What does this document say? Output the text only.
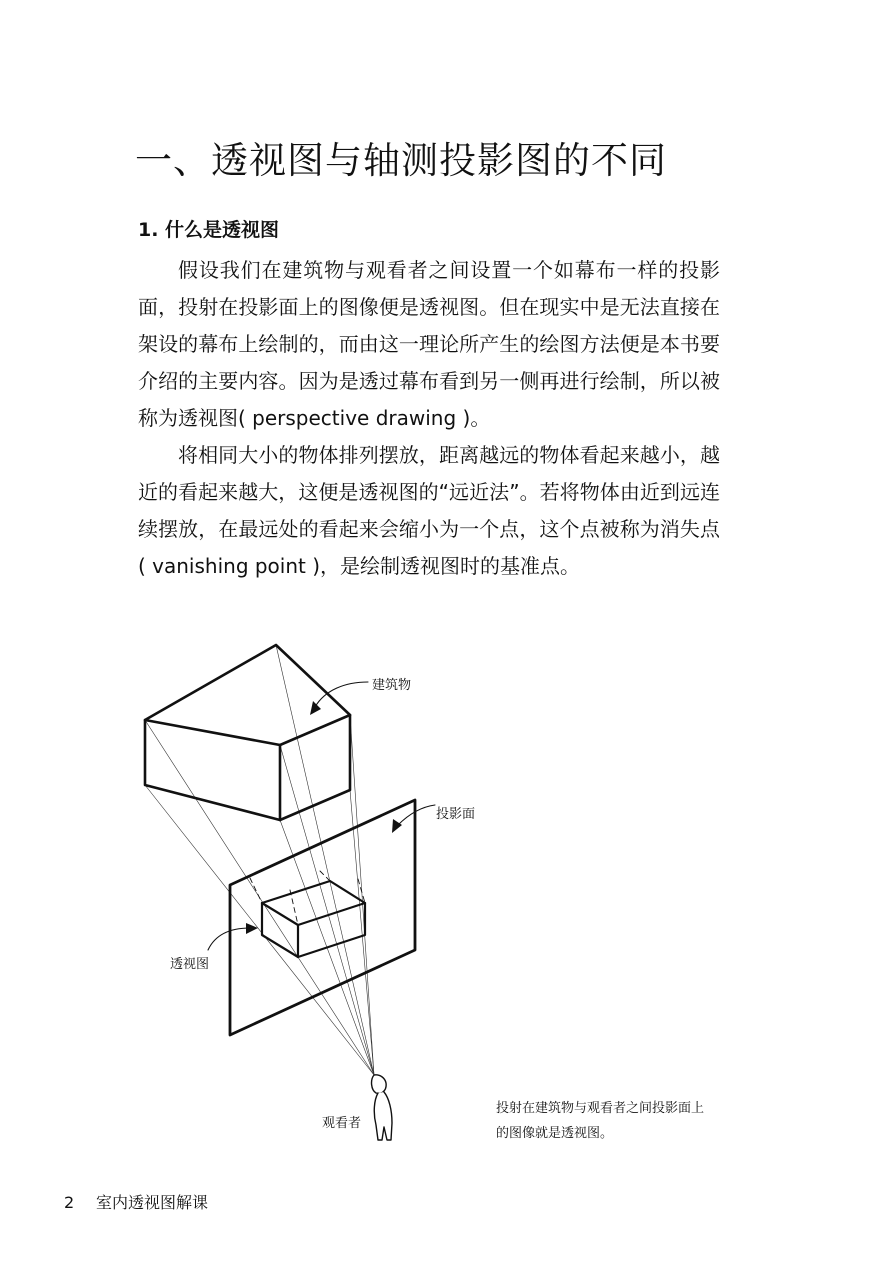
一、透视图与轴测投影图的不同
1. 什么是透视图

假设我们在建筑物与观看者之间设置一个如幕布一样的投影面，投射在投影面上的图像便是透视图。但在现实中是无法直接在架设的幕布上绘制的，而由这一理论所产生的绘图方法便是本书要介绍的主要内容。因为是透过幕布看到另一侧再进行绘制，所以被称为透视图( perspective drawing )。

将相同大小的物体排列摆放，距离越远的物体看起来越小，越近的看起来越大，这便是透视图的“远近法”。若将物体由近到远连续摆放，在最远处的看起来会缩小为一个点，这个点被称为消失点( vanishing point )，是绘制透视图时的基准点。

建筑物
投影面
透视图
观看者
投射在建筑物与观看者之间投影面上的图像就是透视图。
2 室内透视图解课
